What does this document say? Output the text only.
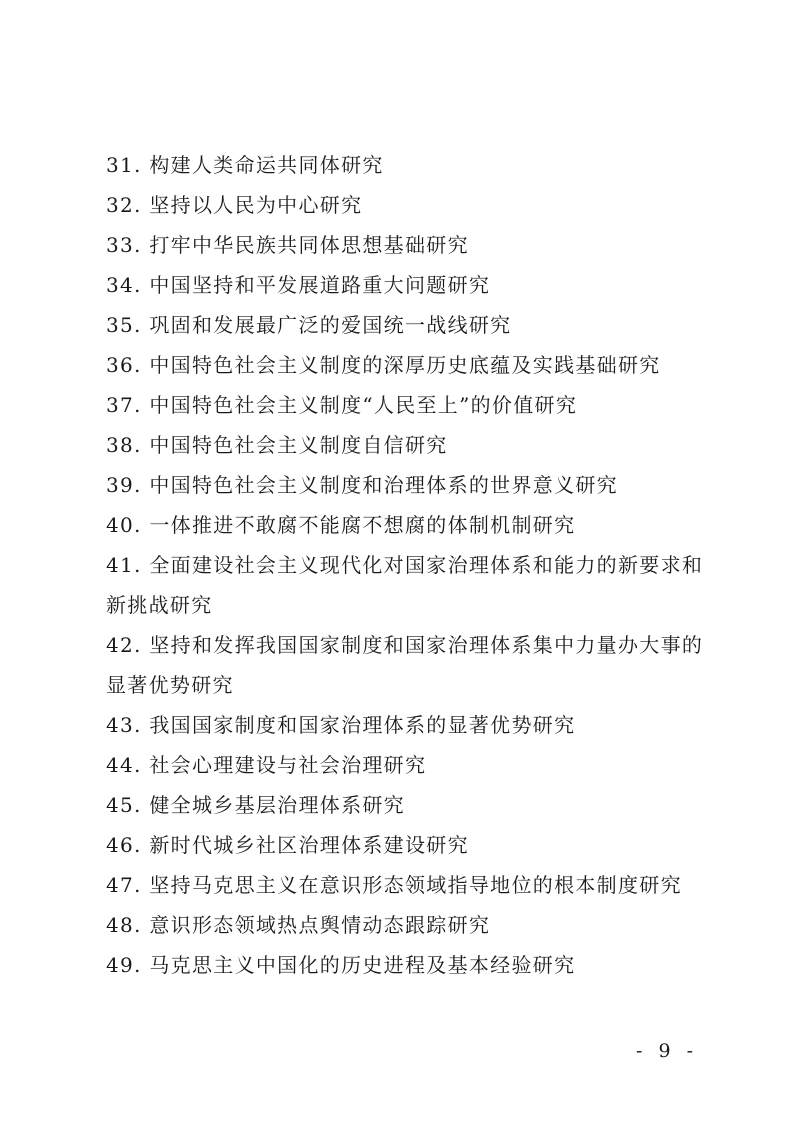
31. 构建人类命运共同体研究
32. 坚持以人民为中心研究
33. 打牢中华民族共同体思想基础研究
34. 中国坚持和平发展道路重大问题研究
35. 巩固和发展最广泛的爱国统一战线研究
36. 中国特色社会主义制度的深厚历史底蕴及实践基础研究
37. 中国特色社会主义制度“人民至上”的价值研究
38. 中国特色社会主义制度自信研究
39. 中国特色社会主义制度和治理体系的世界意义研究
40. 一体推进不敢腐不能腐不想腐的体制机制研究
41. 全面建设社会主义现代化对国家治理体系和能力的新要求和
新挑战研究
42. 坚持和发挥我国国家制度和国家治理体系集中力量办大事的
显著优势研究
43. 我国国家制度和国家治理体系的显著优势研究
44. 社会心理建设与社会治理研究
45. 健全城乡基层治理体系研究
46. 新时代城乡社区治理体系建设研究
47. 坚持马克思主义在意识形态领域指导地位的根本制度研究
48. 意识形态领域热点舆情动态跟踪研究
49. 马克思主义中国化的历史进程及基本经验研究
- 9 -
